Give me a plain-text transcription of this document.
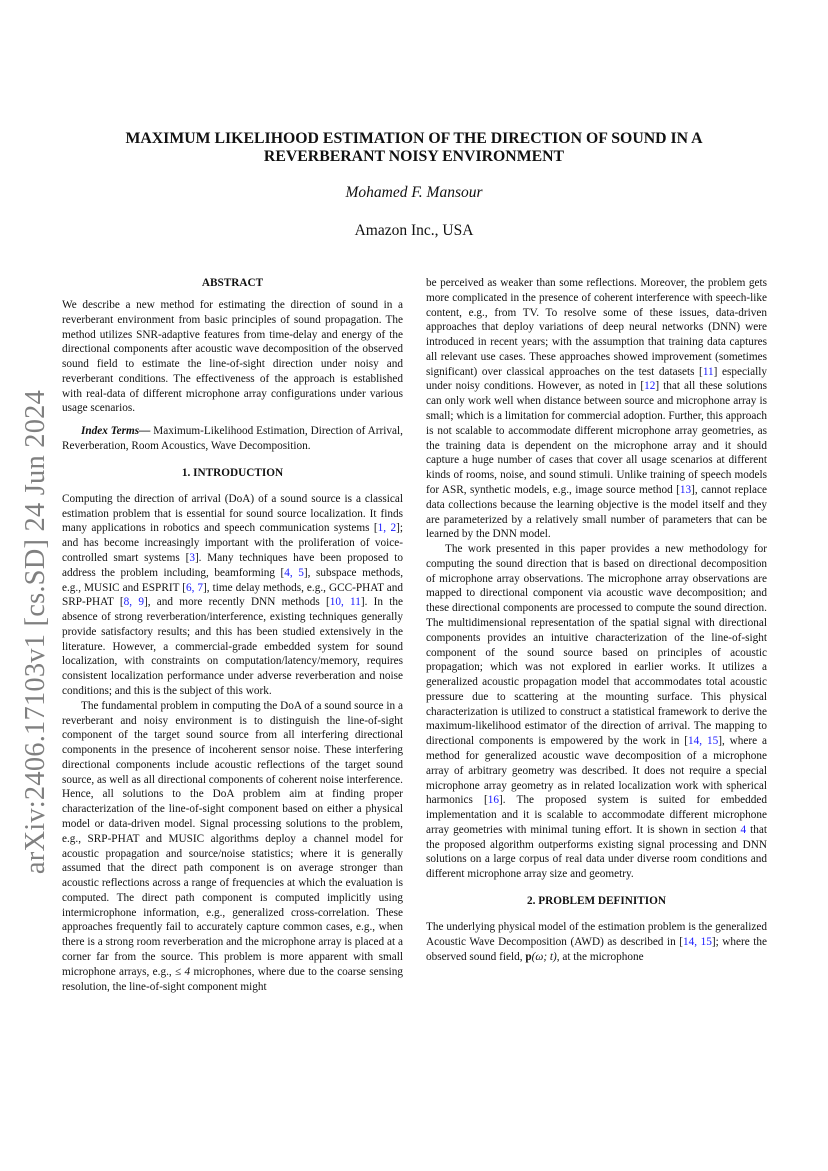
arXiv:2406.17103v1 [cs.SD] 24 Jun 2024
MAXIMUM LIKELIHOOD ESTIMATION OF THE DIRECTION OF SOUND IN A REVERBERANT NOISY ENVIRONMENT
Mohamed F. Mansour
Amazon Inc., USA
ABSTRACT

We describe a new method for estimating the direction of sound in a reverberant environment from basic principles of sound propagation. The method utilizes SNR-adaptive features from time-delay and energy of the directional components after acoustic wave decomposition of the observed sound field to estimate the line-of-sight direction under noisy and reverberant conditions. The effectiveness of the approach is established with real-data of different microphone array configurations under various usage scenarios.

Index Terms— Maximum-Likelihood Estimation, Direction of Arrival, Reverberation, Room Acoustics, Wave Decomposition.

1. INTRODUCTION

Computing the direction of arrival (DoA) of a sound source is a classical estimation problem that is essential for sound source localization. It finds many applications in robotics and speech communication systems [1, 2]; and has become increasingly important with the proliferation of voice-controlled smart systems [3]. Many techniques have been proposed to address the problem including, beamforming [4, 5], subspace methods, e.g., MUSIC and ESPRIT [6, 7], time delay methods, e.g., GCC-PHAT and SRP-PHAT [8, 9], and more recently DNN methods [10, 11]. In the absence of strong reverberation/interference, existing techniques generally provide satisfactory results; and this has been studied extensively in the literature. However, a commercial-grade embedded system for sound localization, with constraints on computation/latency/memory, requires consistent localization performance under adverse reverberation and noise conditions; and this is the subject of this work.

The fundamental problem in computing the DoA of a sound source in a reverberant and noisy environment is to distinguish the line-of-sight component of the target sound source from all interfering directional components in the presence of incoherent sensor noise. These interfering directional components include acoustic reflections of the target sound source, as well as all directional components of coherent noise interference. Hence, all solutions to the DoA problem aim at finding proper characterization of the line-of-sight component based on either a physical model or data-driven model. Signal processing solutions to the problem, e.g., SRP-PHAT and MUSIC algorithms deploy a channel model for acoustic propagation and source/noise statistics; where it is generally assumed that the direct path component is on average stronger than acoustic reflections across a range of frequencies at which the evaluation is computed. The direct path component is computed implicitly using intermicrophone information, e.g., generalized cross-correlation. These approaches frequently fail to accurately capture common cases, e.g., when there is a strong room reverberation and the microphone array is placed at a corner far from the source. This problem is more apparent with small microphone arrays, e.g., ≤ 4 microphones, where due to the coarse sensing resolution, the line-of-sight component might

be perceived as weaker than some reflections. Moreover, the problem gets more complicated in the presence of coherent interference with speech-like content, e.g., from TV. To resolve some of these issues, data-driven approaches that deploy variations of deep neural networks (DNN) were introduced in recent years; with the assumption that training data captures all relevant use cases. These approaches showed improvement (sometimes significant) over classical approaches on the test datasets [11] especially under noisy conditions. However, as noted in [12] that all these solutions can only work well when distance between source and microphone array is small; which is a limitation for commercial adoption. Further, this approach is not scalable to accommodate different microphone array geometries, as the training data is dependent on the microphone array and it should capture a huge number of cases that cover all usage scenarios at different kinds of rooms, noise, and sound stimuli. Unlike training of speech models for ASR, synthetic models, e.g., image source method [13], cannot replace data collections because the learning objective is the model itself and they are parameterized by a relatively small number of parameters that can be learned by the DNN model.

The work presented in this paper provides a new methodology for computing the sound direction that is based on directional decomposition of microphone array observations. The microphone array observations are mapped to directional component via acoustic wave decomposition; and these directional components are processed to compute the sound direction. The multidimensional representation of the spatial signal with directional components provides an intuitive characterization of the line-of-sight component of the sound source based on principles of acoustic propagation; which was not explored in earlier works. It utilizes a generalized acoustic propagation model that accommodates total acoustic pressure due to scattering at the mounting surface. This physical characterization is utilized to construct a statistical framework to derive the maximum-likelihood estimator of the direction of arrival. The mapping to directional components is empowered by the work in [14, 15], where a method for generalized acoustic wave decomposition of a microphone array of arbitrary geometry was described. It does not require a special microphone array geometry as in related localization work with spherical harmonics [16]. The proposed system is suited for embedded implementation and it is scalable to accommodate different microphone array geometries with minimal tuning effort. It is shown in section 4 that the proposed algorithm outperforms existing signal processing and DNN solutions on a large corpus of real data under diverse room conditions and different microphone array size and geometry.

2. PROBLEM DEFINITION

The underlying physical model of the estimation problem is the generalized Acoustic Wave Decomposition (AWD) as described in [14, 15]; where the observed sound field, p(ω; t), at the microphone
